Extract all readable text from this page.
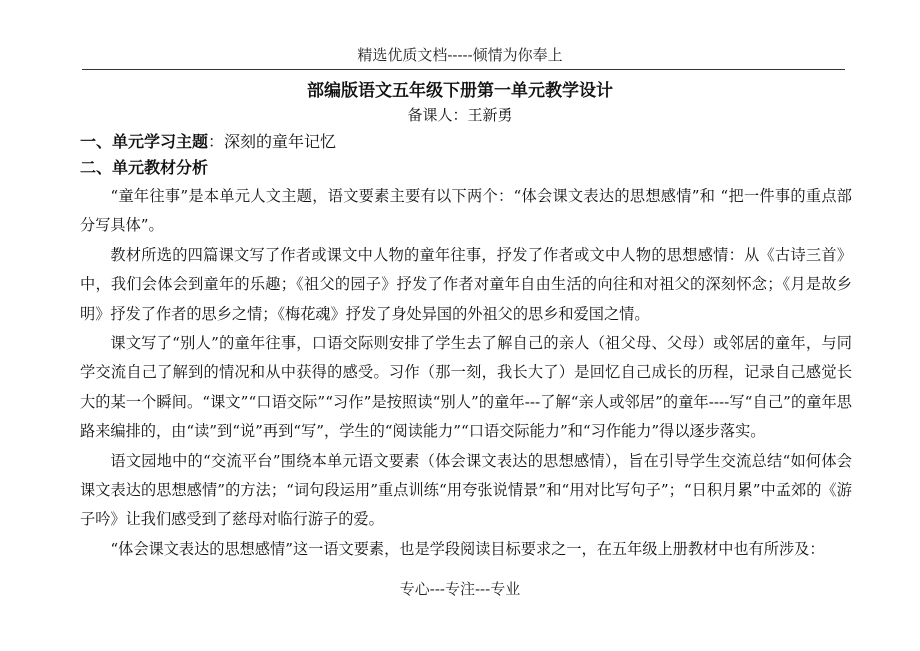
精选优质文档-----倾情为你奉上
部编版语文五年级下册第一单元教学设计
备课人：王新勇
一、单元学习主题：深刻的童年记忆
二、单元教材分析

“童年往事”是本单元人文主题，语文要素主要有以下两个：“体会课文表达的思想感情”和 “把一件事的重点部分写具体”。

教材所选的四篇课文写了作者或课文中人物的童年往事，抒发了作者或文中人物的思想感情：从《古诗三首》中，我们会体会到童年的乐趣；《祖父的园子》抒发了作者对童年自由生活的向往和对祖父的深刻怀念；《月是故乡明》抒发了作者的思乡之情；《梅花魂》抒发了身处异国的外祖父的思乡和爱国之情。

课文写了“别人”的童年往事，口语交际则安排了学生去了解自己的亲人（祖父母、父母）或邻居的童年，与同学交流自己了解到的情况和从中获得的感受。习作（那一刻，我长大了）是回忆自己成长的历程，记录自己感觉长大的某一个瞬间。“课文”“口语交际”“习作”是按照读“别人”的童年---了解“亲人或邻居”的童年----写“自己”的童年思路来编排的，由“读”到“说”再到“写”，学生的“阅读能力”“口语交际能力”和“习作能力”得以逐步落实。

语文园地中的“交流平台”围绕本单元语文要素（体会课文表达的思想感情），旨在引导学生交流总结“如何体会课文表达的思想感情”的方法；“词句段运用”重点训练“用夸张说情景”和“用对比写句子”；“日积月累”中孟郊的《游子吟》让我们感受到了慈母对临行游子的爱。

“体会课文表达的思想感情”这一语文要素，也是学段阅读目标要求之一，在五年级上册教材中也有所涉及：

专心---专注---专业
